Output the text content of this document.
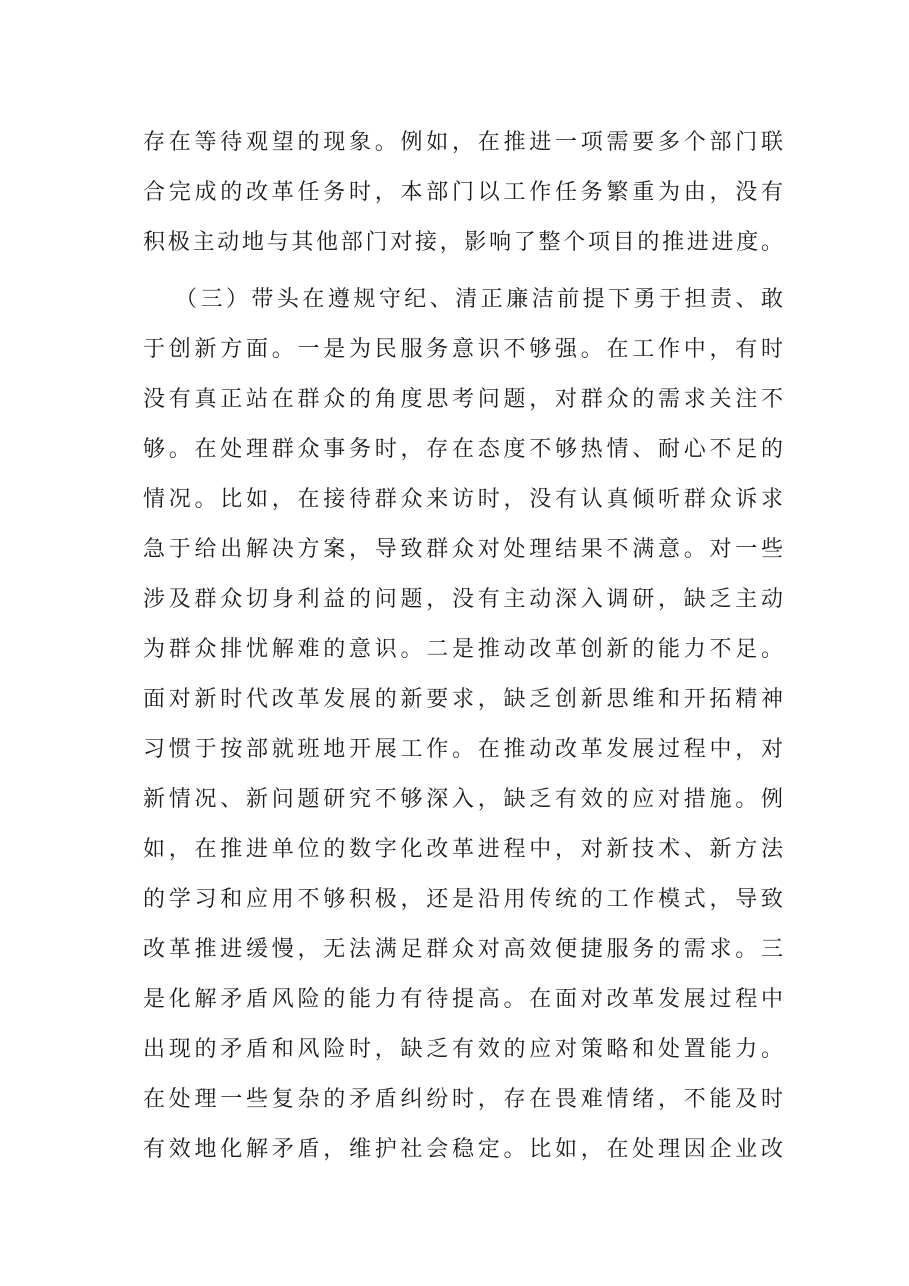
存在等待观望的现象。例如，在推进一项需要多个部门联
合完成的改革任务时，本部门以工作任务繁重为由，没有
积极主动地与其他部门对接，影响了整个项目的推进进度。
（三）带头在遵规守纪、清正廉洁前提下勇于担责、敢
于创新方面。一是为民服务意识不够强。在工作中，有时
没有真正站在群众的角度思考问题，对群众的需求关注不
够。在处理群众事务时，存在态度不够热情、耐心不足的
情况。比如，在接待群众来访时，没有认真倾听群众诉求
急于给出解决方案，导致群众对处理结果不满意。对一些
涉及群众切身利益的问题，没有主动深入调研，缺乏主动
为群众排忧解难的意识。二是推动改革创新的能力不足。
面对新时代改革发展的新要求，缺乏创新思维和开拓精神
习惯于按部就班地开展工作。在推动改革发展过程中，对
新情况、新问题研究不够深入，缺乏有效的应对措施。例
如，在推进单位的数字化改革进程中，对新技术、新方法
的学习和应用不够积极，还是沿用传统的工作模式，导致
改革推进缓慢，无法满足群众对高效便捷服务的需求。三
是化解矛盾风险的能力有待提高。在面对改革发展过程中
出现的矛盾和风险时，缺乏有效的应对策略和处置能力。
在处理一些复杂的矛盾纠纷时，存在畏难情绪，不能及时
有效地化解矛盾，维护社会稳定。比如，在处理因企业改
